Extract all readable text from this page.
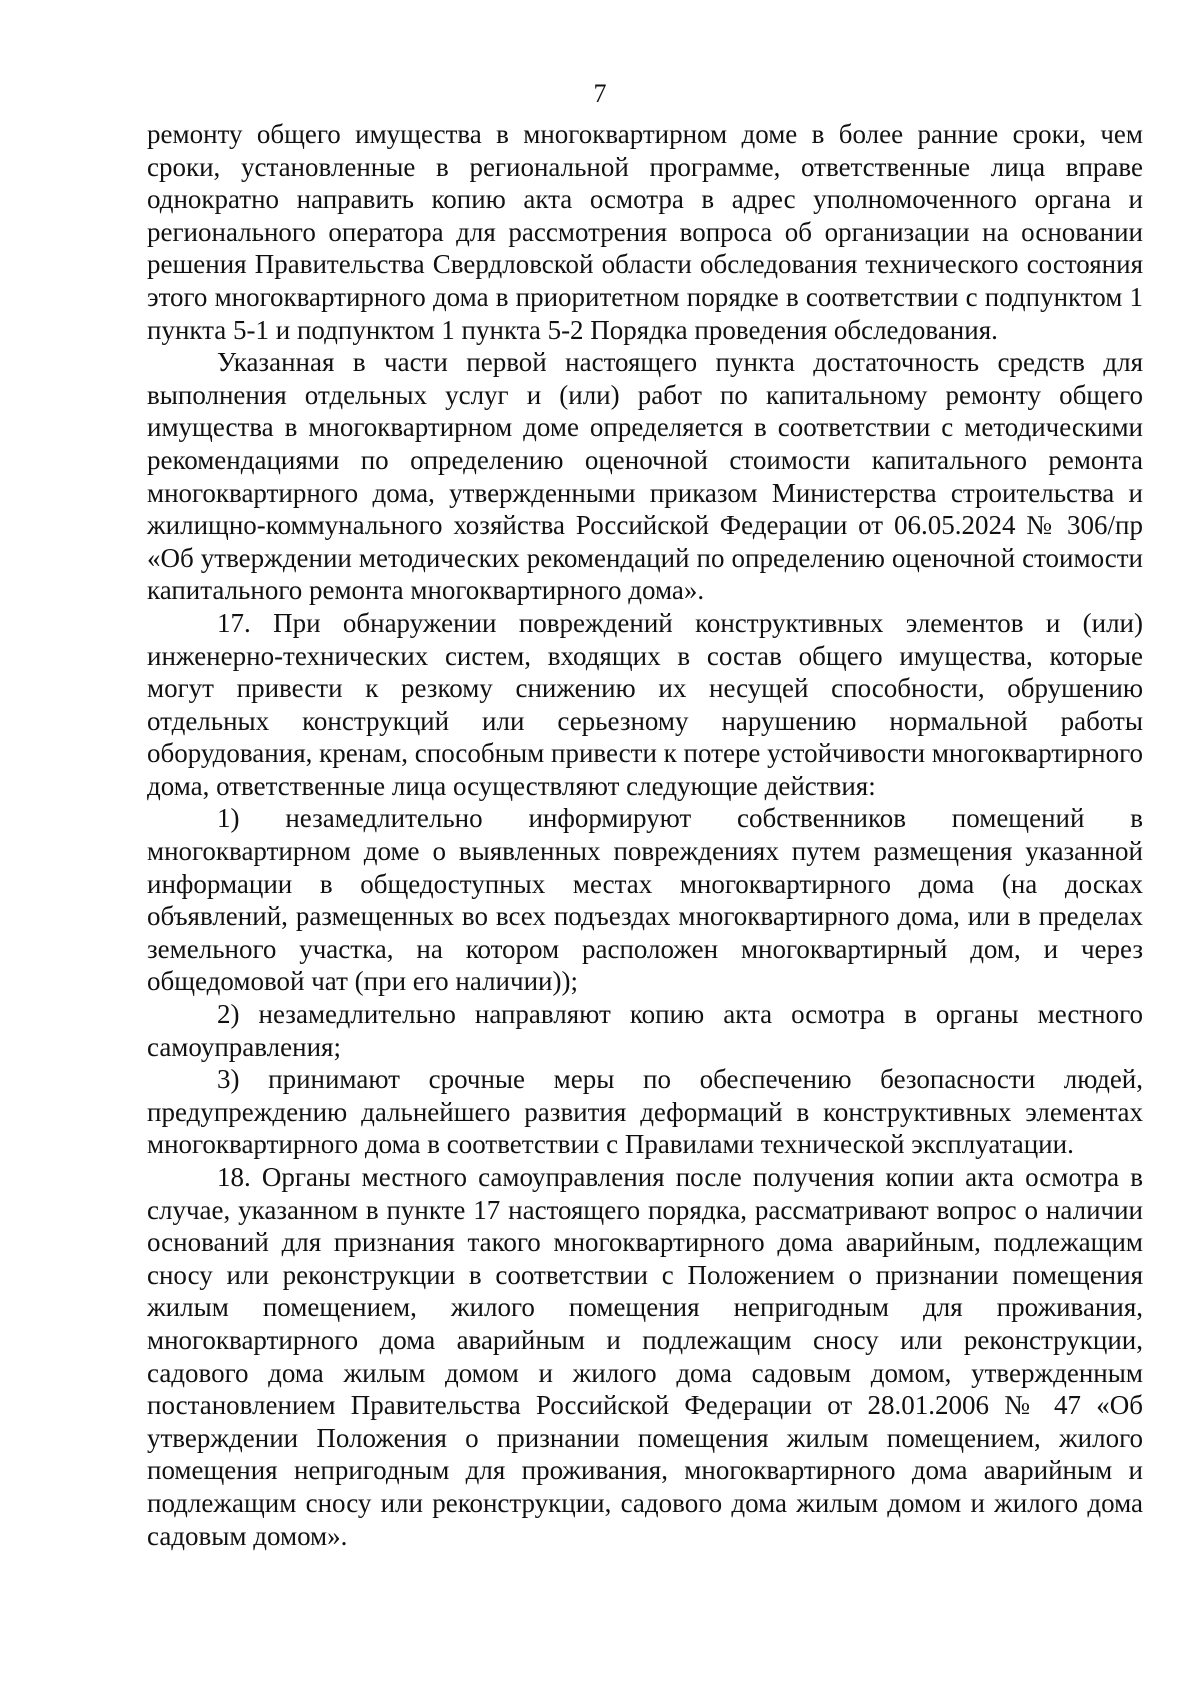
7

ремонту общего имущества в многоквартирном доме в более ранние сроки, чем сроки, установленные в региональной программе, ответственные лица вправе однократно направить копию акта осмотра в адрес уполномоченного органа и регионального оператора для рассмотрения вопроса об организации на основании решения Правительства Свердловской области обследования технического состояния этого многоквартирного дома в приоритетном порядке в соответствии с подпунктом 1 пункта 5-1 и подпунктом 1 пункта 5-2 Порядка проведения обследования.

Указанная в части первой настоящего пункта достаточность средств для выполнения отдельных услуг и (или) работ по капитальному ремонту общего имущества в многоквартирном доме определяется в соответствии с методическими рекомендациями по определению оценочной стоимости капитального ремонта многоквартирного дома, утвержденными приказом Министерства строительства и жилищно-коммунального хозяйства Российской Федерации от 06.05.2024 № 306/пр «Об утверждении методических рекомендаций по определению оценочной стоимости капитального ремонта многоквартирного дома».

17. При обнаружении повреждений конструктивных элементов и (или) инженерно-технических систем, входящих в состав общего имущества, которые могут привести к резкому снижению их несущей способности, обрушению отдельных конструкций или серьезному нарушению нормальной работы оборудования, кренам, способным привести к потере устойчивости многоквартирного дома, ответственные лица осуществляют следующие действия:

1) незамедлительно информируют собственников помещений в многоквартирном доме о выявленных повреждениях путем размещения указанной информации в общедоступных местах многоквартирного дома (на досках объявлений, размещенных во всех подъездах многоквартирного дома, или в пределах земельного участка, на котором расположен многоквартирный дом, и через общедомовой чат (при его наличии));

2) незамедлительно направляют копию акта осмотра в органы местного самоуправления;

3) принимают срочные меры по обеспечению безопасности людей, предупреждению дальнейшего развития деформаций в конструктивных элементах многоквартирного дома в соответствии с Правилами технической эксплуатации.

18. Органы местного самоуправления после получения копии акта осмотра в случае, указанном в пункте 17 настоящего порядка, рассматривают вопрос о наличии оснований для признания такого многоквартирного дома аварийным, подлежащим сносу или реконструкции в соответствии с Положением о признании помещения жилым помещением, жилого помещения непригодным для проживания, многоквартирного дома аварийным и подлежащим сносу или реконструкции, садового дома жилым домом и жилого дома садовым домом, утвержденным постановлением Правительства Российской Федерации от 28.01.2006 № 47 «Об утверждении Положения о признании помещения жилым помещением, жилого помещения непригодным для проживания, многоквартирного дома аварийным и подлежащим сносу или реконструкции, садового дома жилым домом и жилого дома садовым домом».
